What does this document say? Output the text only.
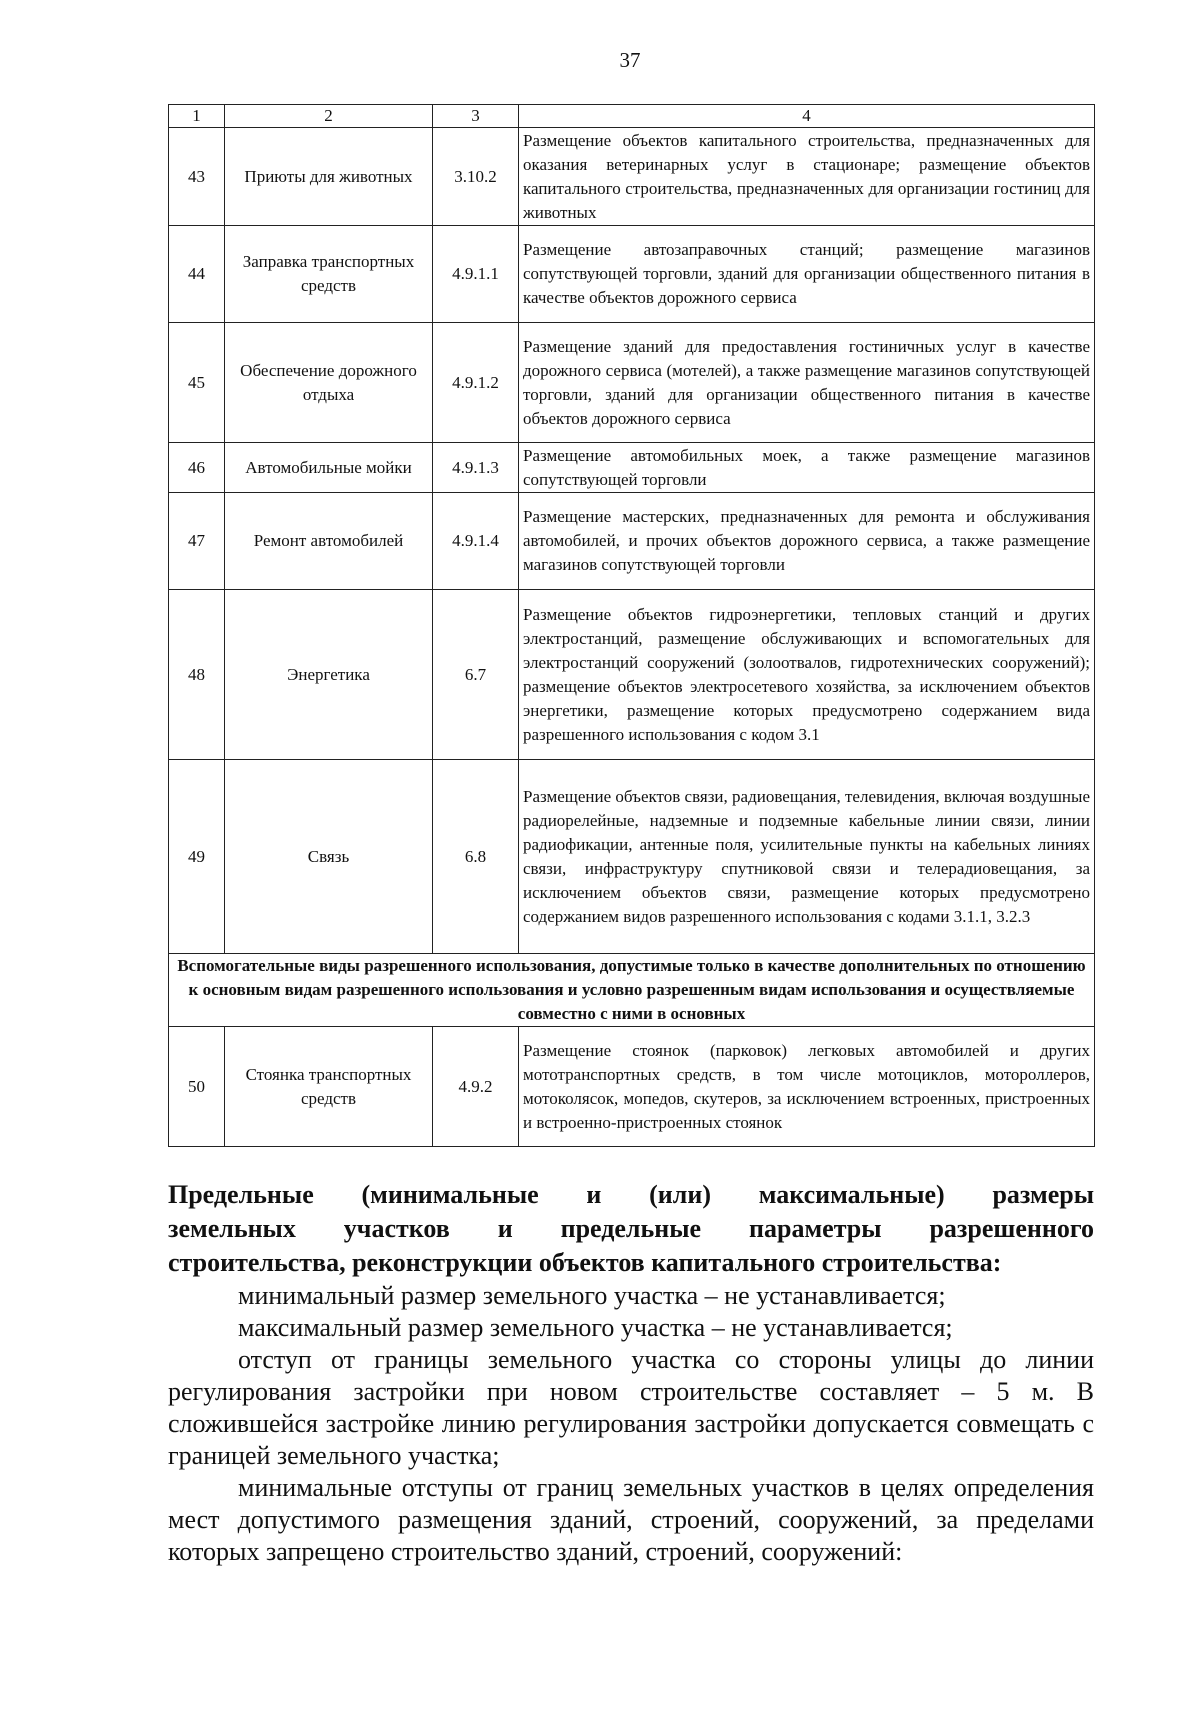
37
1	2	3	4
43	Приюты для животных	3.10.2	Размещение объектов капитального строительства, предназначенных для оказания ветеринарных услуг в стационаре; размещение объектов капитального строительства, предназначенных для организации гостиниц для животных
44	Заправка транспортных средств	4.9.1.1	Размещение автозаправочных станций; размещение магазинов сопутствующей торговли, зданий для организации общественного питания в качестве объектов дорожного сервиса
45	Обеспечение дорожного отдыха	4.9.1.2	Размещение зданий для предоставления гостиничных услуг в качестве дорожного сервиса (мотелей), а также размещение магазинов сопутствующей торговли, зданий для организации общественного питания в качестве объектов дорожного сервиса
46	Автомобильные мойки	4.9.1.3	Размещение автомобильных моек, а также размещение магазинов сопутствующей торговли
47	Ремонт автомобилей	4.9.1.4	Размещение мастерских, предназначенных для ремонта и обслуживания автомобилей, и прочих объектов дорожного сервиса, а также размещение магазинов сопутствующей торговли
48	Энергетика	6.7	Размещение объектов гидроэнергетики, тепловых станций и других электростанций, размещение обслуживающих и вспомогательных для электростанций сооружений (золоотвалов, гидротехнических сооружений); размещение объектов электросетевого хозяйства, за исключением объектов энергетики, размещение которых предусмотрено содержанием вида разрешенного использования с кодом 3.1
49	Связь	6.8	Размещение объектов связи, радиовещания, телевидения, включая воздушные радиорелейные, надземные и подземные кабельные линии связи, линии радиофикации, антенные поля, усилительные пункты на кабельных линиях связи, инфраструктуру спутниковой связи и телерадиовещания, за исключением объектов связи, размещение которых предусмотрено содержанием видов разрешенного использования с кодами 3.1.1, 3.2.3
Вспомогательные виды разрешенного использования, допустимые только в качестве дополнительных по отношению к основным видам разрешенного использования и условно разрешенным видам использования и осуществляемые совместно с ними в основных			
50	Стоянка транспортных средств	4.9.2	Размещение стоянок (парковок) легковых автомобилей и других мототранспортных средств, в том числе мотоциклов, мотороллеров, мотоколясок, мопедов, скутеров, за исключением встроенных, пристроенных и встроенно-пристроенных стоянок

Предельные (минимальные и (или) максимальные) размеры

земельных участков и предельные параметры разрешенного

строительства, реконструкции объектов капитального строительства:

минимальный размер земельного участка – не устанавливается;

максимальный размер земельного участка – не устанавливается;

отступ от границы земельного участка со стороны улицы до линии регулирования застройки при новом строительстве составляет – 5 м. В сложившейся застройке линию регулирования застройки допускается совмещать с границей земельного участка;

минимальные отступы от границ земельных участков в целях определения мест допустимого размещения зданий, строений, сооружений, за пределами которых запрещено строительство зданий, строений, сооружений:
